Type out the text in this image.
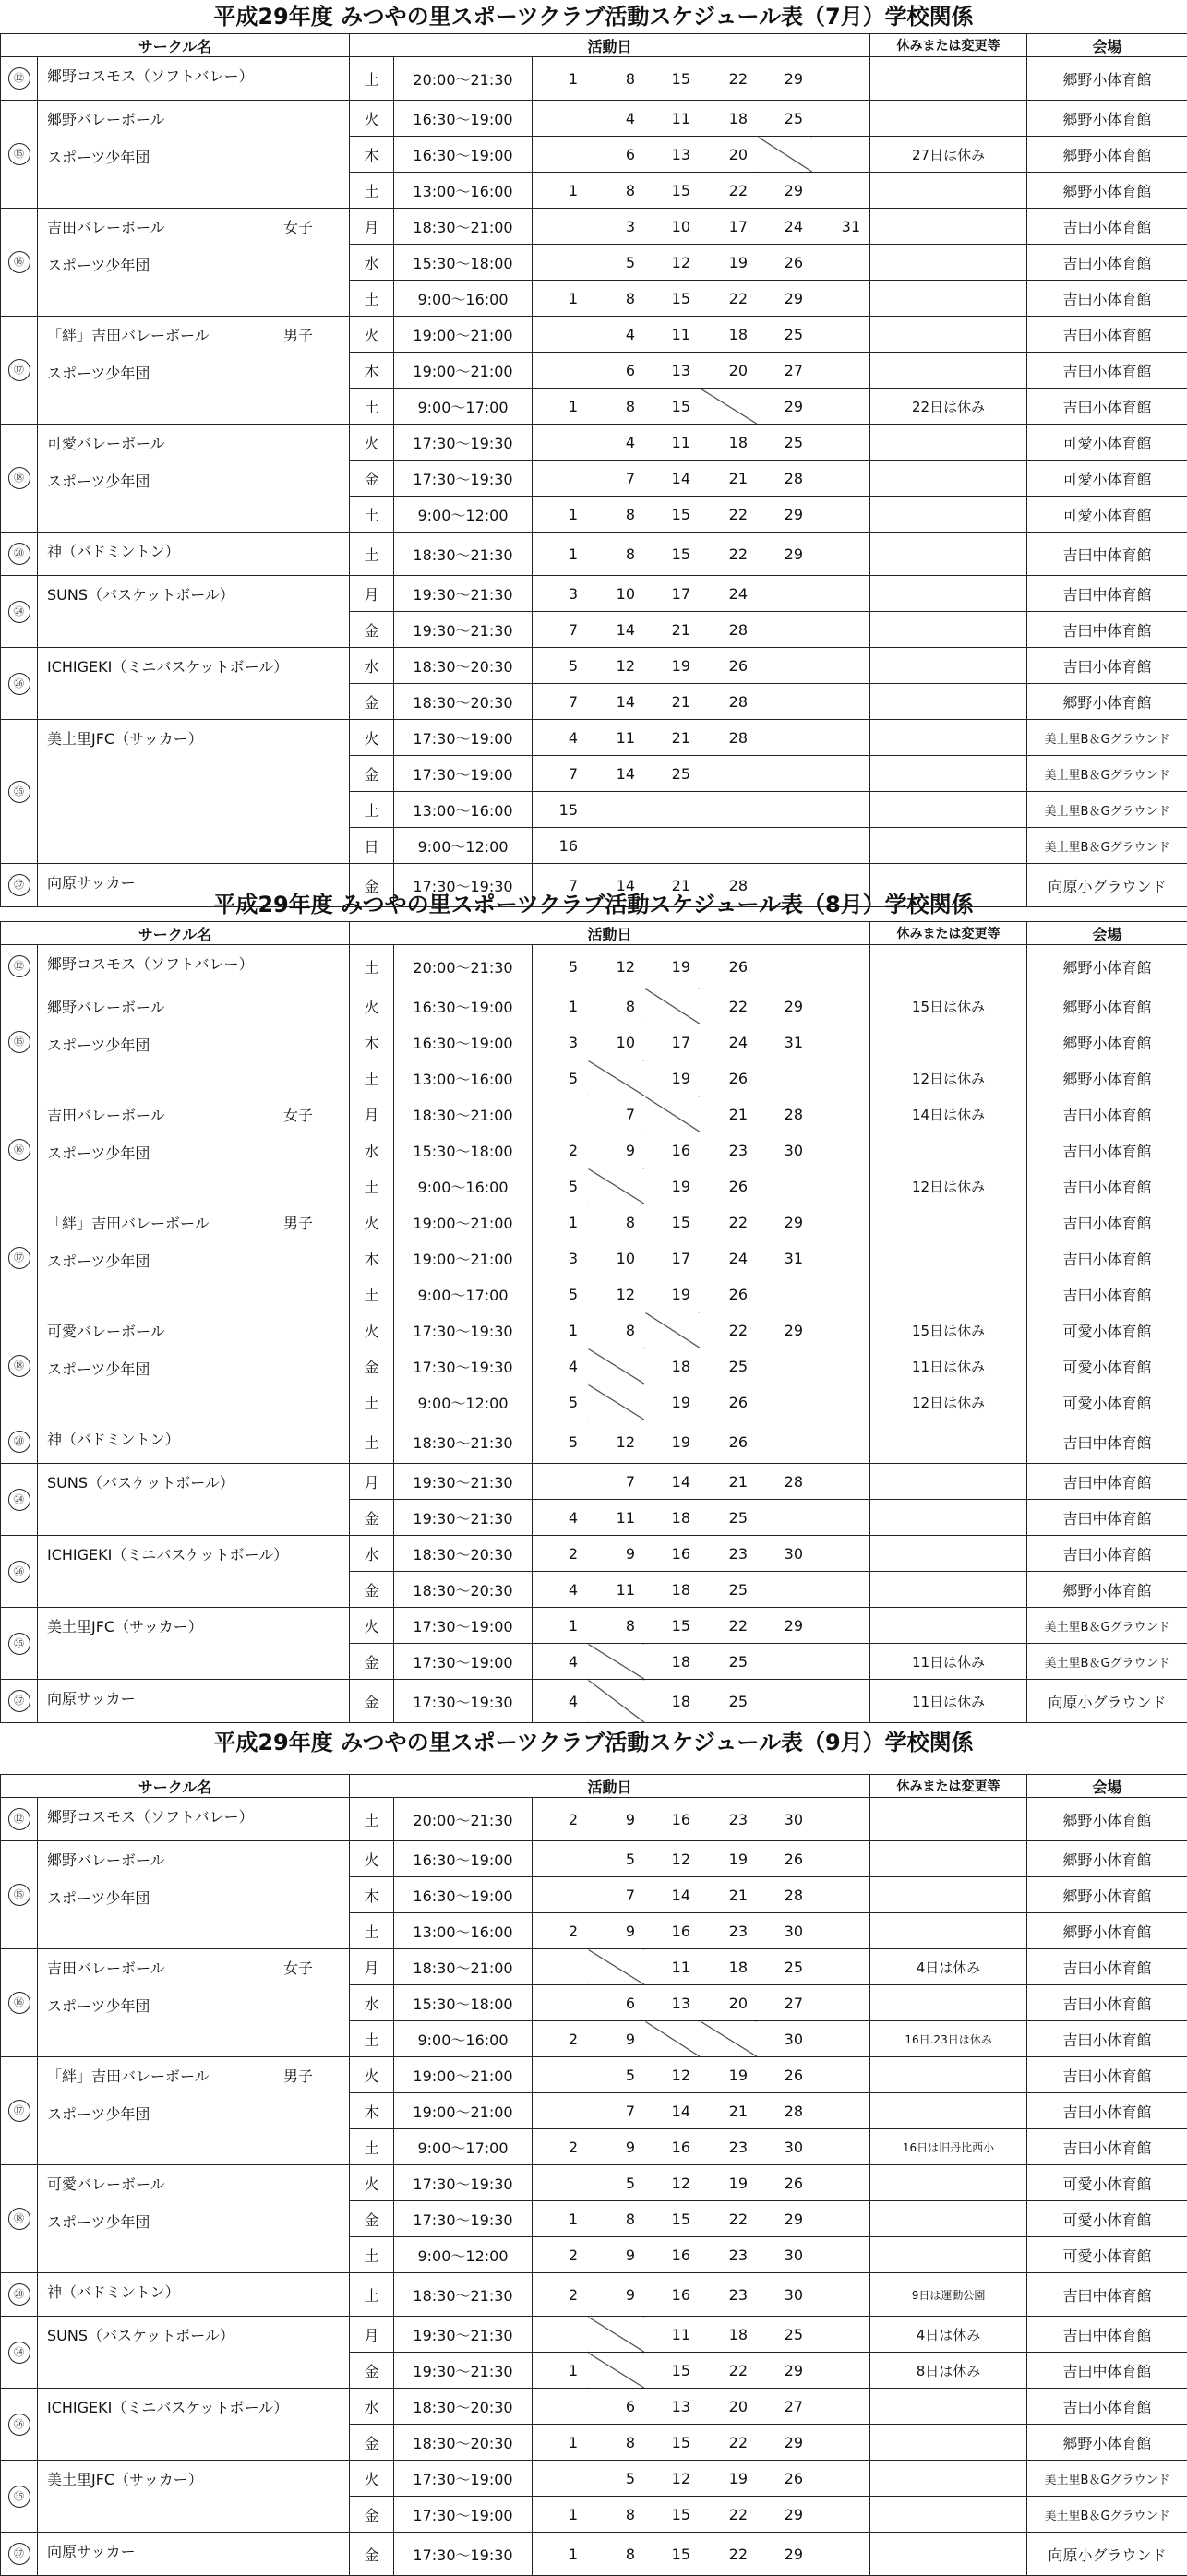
平成29年度 みつやの里スポーツクラブ活動スケジュール表（7月）学校関係
サークル名			活動日								休みまたは変更等	会場
⑫	郷野コスモス（ソフトバレー）		土	20:00～21:30	1	8	15	22	29			郷野小体育館
⑮	郷野バレーボール
スポーツ少年団		火	16:30～19:00		4	11	18	25			郷野小体育館
			木	16:30～19:00		6	13	20			27日は休み	郷野小体育館
			土	13:00～16:00	1	8	15	22	29			郷野小体育館
⑯	吉田バレーボール
スポーツ少年団	女子	月	18:30～21:00		3	10	17	24	31		吉田小体育館
			水	15:30～18:00		5	12	19	26			吉田小体育館
			土	9:00～16:00	1	8	15	22	29			吉田小体育館
⑰	「絆」吉田バレーボール
スポーツ少年団	男子	火	19:00～21:00		4	11	18	25			吉田小体育館
			木	19:00～21:00		6	13	20	27			吉田小体育館
			土	9:00～17:00	1	8	15		29		22日は休み	吉田小体育館
⑱	可愛バレーボール
スポーツ少年団		火	17:30～19:30		4	11	18	25			可愛小体育館
			金	17:30～19:30		7	14	21	28			可愛小体育館
			土	9:00～12:00	1	8	15	22	29			可愛小体育館
⑳	神（バドミントン）		土	18:30～21:30	1	8	15	22	29			吉田中体育館
㉔	SUNS（バスケットボール）		月	19:30～21:30	3	10	17	24				吉田中体育館
			金	19:30～21:30	7	14	21	28				吉田中体育館
㉖	ICHIGEKI（ミニバスケットボール）		水	18:30～20:30	5	12	19	26				吉田小体育館
			金	18:30～20:30	7	14	21	28				郷野小体育館
㉟	美土里JFC（サッカー）		火	17:30～19:00	4	11	21	28				美土里B＆Gグラウンド
			金	17:30～19:00	7	14	25					美土里B＆Gグラウンド
			土	13:00～16:00	15							美土里B＆Gグラウンド
			日	9:00～12:00	16							美土里B＆Gグラウンド
㊲	向原サッカー		金	17:30～19:30	7	14	21	28				向原小グラウンド
平成29年度 みつやの里スポーツクラブ活動スケジュール表（8月）学校関係
サークル名			活動日								休みまたは変更等	会場
⑫	郷野コスモス（ソフトバレー）		土	20:00～21:30	5	12	19	26				郷野小体育館
⑮	郷野バレーボール
スポーツ少年団		火	16:30～19:00	1	8		22	29		15日は休み	郷野小体育館
			木	16:30～19:00	3	10	17	24	31			郷野小体育館
			土	13:00～16:00	5		19	26			12日は休み	郷野小体育館
⑯	吉田バレーボール
スポーツ少年団	女子	月	18:30～21:00		7		21	28		14日は休み	吉田小体育館
			水	15:30～18:00	2	9	16	23	30			吉田小体育館
			土	9:00～16:00	5		19	26			12日は休み	吉田小体育館
⑰	「絆」吉田バレーボール
スポーツ少年団	男子	火	19:00～21:00	1	8	15	22	29			吉田小体育館
			木	19:00～21:00	3	10	17	24	31			吉田小体育館
			土	9:00～17:00	5	12	19	26				吉田小体育館
⑱	可愛バレーボール
スポーツ少年団		火	17:30～19:30	1	8		22	29		15日は休み	可愛小体育館
			金	17:30～19:30	4		18	25			11日は休み	可愛小体育館
			土	9:00～12:00	5		19	26			12日は休み	可愛小体育館
⑳	神（バドミントン）		土	18:30～21:30	5	12	19	26				吉田中体育館
㉔	SUNS（バスケットボール）		月	19:30～21:30		7	14	21	28			吉田中体育館
			金	19:30～21:30	4	11	18	25				吉田中体育館
㉖	ICHIGEKI（ミニバスケットボール）		水	18:30～20:30	2	9	16	23	30			吉田小体育館
			金	18:30～20:30	4	11	18	25				郷野小体育館
㉟	美土里JFC（サッカー）		火	17:30～19:00	1	8	15	22	29			美土里B＆Gグラウンド
			金	17:30～19:00	4		18	25			11日は休み	美土里B＆Gグラウンド
㊲	向原サッカー		金	17:30～19:30	4		18	25			11日は休み	向原小グラウンド
平成29年度 みつやの里スポーツクラブ活動スケジュール表（9月）学校関係
サークル名			活動日								休みまたは変更等	会場
⑫	郷野コスモス（ソフトバレー）		土	20:00～21:30	2	9	16	23	30			郷野小体育館
⑮	郷野バレーボール
スポーツ少年団		火	16:30～19:00		5	12	19	26			郷野小体育館
			木	16:30～19:00		7	14	21	28			郷野小体育館
			土	13:00～16:00	2	9	16	23	30			郷野小体育館
⑯	吉田バレーボール
スポーツ少年団	女子	月	18:30～21:00			11	18	25		4日は休み	吉田小体育館
			水	15:30～18:00		6	13	20	27			吉田小体育館
			土	9:00～16:00	2	9			30		16日.23日は休み	吉田小体育館
⑰	「絆」吉田バレーボール
スポーツ少年団	男子	火	19:00～21:00		5	12	19	26			吉田小体育館
			木	19:00～21:00		7	14	21	28			吉田小体育館
			土	9:00～17:00	2	9	16	23	30		16日は旧丹比西小	吉田小体育館
⑱	可愛バレーボール
スポーツ少年団		火	17:30～19:30		5	12	19	26			可愛小体育館
			金	17:30～19:30	1	8	15	22	29			可愛小体育館
			土	9:00～12:00	2	9	16	23	30			可愛小体育館
⑳	神（バドミントン）		土	18:30～21:30	2	9	16	23	30		9日は運動公園	吉田中体育館
㉔	SUNS（バスケットボール）		月	19:30～21:30			11	18	25		4日は休み	吉田中体育館
			金	19:30～21:30	1		15	22	29		8日は休み	吉田中体育館
㉖	ICHIGEKI（ミニバスケットボール）		水	18:30～20:30		6	13	20	27			吉田小体育館
			金	18:30～20:30	1	8	15	22	29			郷野小体育館
㉟	美土里JFC（サッカー）		火	17:30～19:00		5	12	19	26			美土里B＆Gグラウンド
			金	17:30～19:00	1	8	15	22	29			美土里B＆Gグラウンド
㊲	向原サッカー		金	17:30～19:30	1	8	15	22	29			向原小グラウンド
